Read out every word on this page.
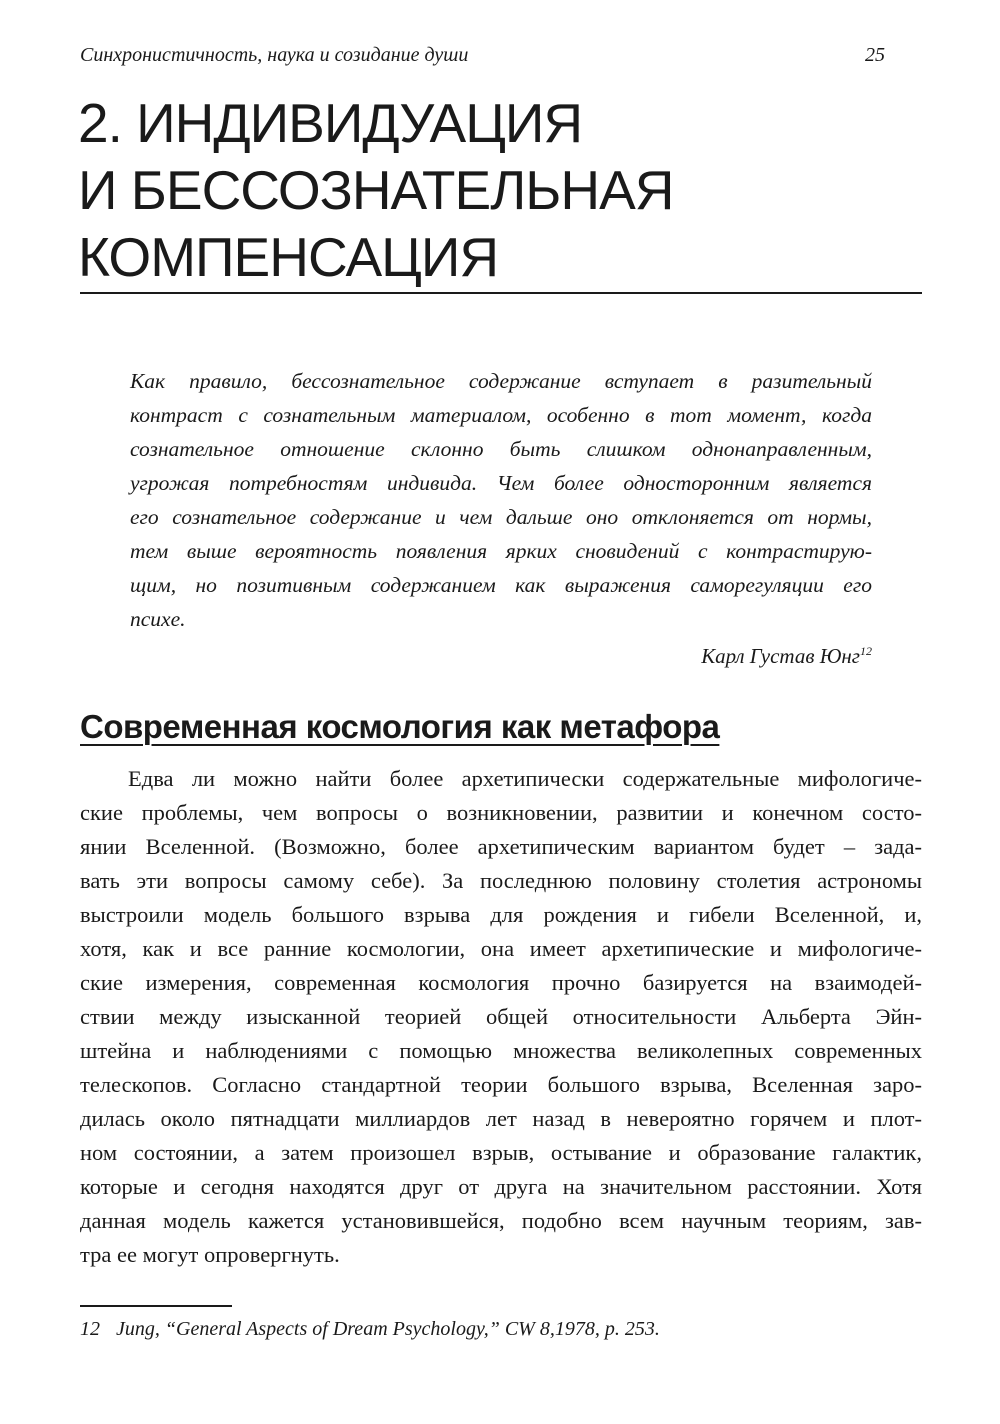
Синхронистичность, наука и созидание души	25
2. ИНДИВИДУАЦИЯ
И БЕССОЗНАТЕЛЬНАЯ
КОМПЕНСАЦИЯ

Как правило, бессознательное содержание вступает в разительный
контраст с сознательным материалом, особенно в тот момент, когда
сознательное отношение склонно быть слишком однонаправленным,
угрожая потребностям индивида. Чем более односторонним является
его сознательное содержание и чем дальше оно отклоняется от нормы,
тем выше вероятность появления ярких сновидений с контрастирую-
щим, но позитивным содержанием как выражения саморегуляции его
психе.

Карл Густав Юнг$^{12}$
Современная космология как метафора

Едва ли можно найти более архетипически содержательные мифологиче-
ские проблемы, чем вопросы о возникновении, развитии и конечном состо-
янии Вселенной. (Возможно, более архетипическим вариантом будет – зада-
вать эти вопросы самому себе). За последнюю половину столетия астрономы
выстроили модель большого взрыва для рождения и гибели Вселенной, и,
хотя, как и все ранние космологии, она имеет архетипические и мифологиче-
ские измерения, современная космология прочно базируется на взаимодей-
ствии между изысканной теорией общей относительности Альберта Эйн-
штейна и наблюдениями с помощью множества великолепных современных
телескопов. Согласно стандартной теории большого взрыва, Вселенная заро-
дилась около пятнадцати миллиардов лет назад в невероятно горячем и плот-
ном состоянии, а затем произошел взрыв, остывание и образование галактик,
которые и сегодня находятся друг от друга на значительном расстоянии. Хотя
данная модель кажется установившейся, подобно всем научным теориям, зав-
тра ее могут опровергнуть.

12 Jung, “General Aspects of Dream Psychology,” CW 8,1978, p. 253.
